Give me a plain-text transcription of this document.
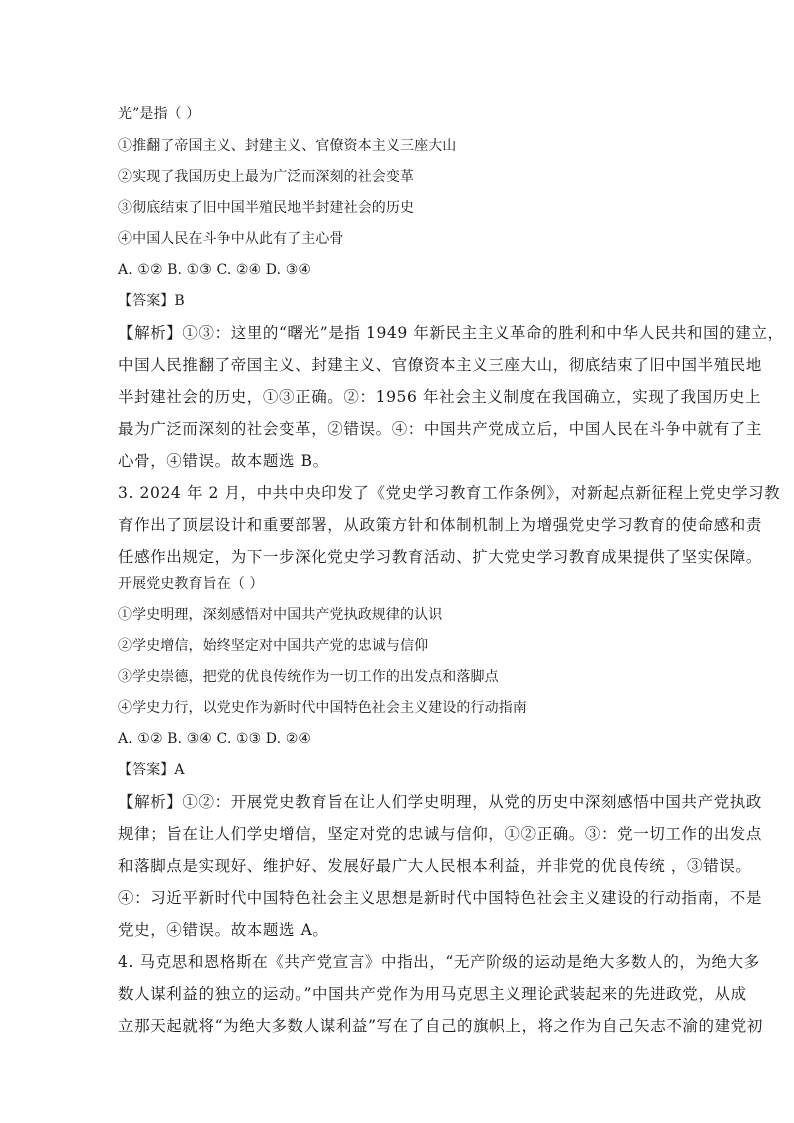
光”是指（ ）
①推翻了帝国主义、封建主义、官僚资本主义三座大山
②实现了我国历史上最为广泛而深刻的社会变革
③彻底结束了旧中国半殖民地半封建社会的历史
④中国人民在斗争中从此有了主心骨
A. ①② B. ①③ C. ②④ D. ③④
【答案】B
【解析】①③：这里的“曙光”是指 1949 年新民主主义革命的胜利和中华人民共和国的建立，
中国人民推翻了帝国主义、封建主义、官僚资本主义三座大山，彻底结束了旧中国半殖民地
半封建社会的历史，①③正确。②：1956 年社会主义制度在我国确立，实现了我国历史上
最为广泛而深刻的社会变革，②错误。④：中国共产党成立后，中国人民在斗争中就有了主
心骨，④错误。故本题选 B。
3. 2024 年 2 月，中共中央印发了《党史学习教育工作条例》，对新起点新征程上党史学习教
育作出了顶层设计和重要部署，从政策方针和体制机制上为增强党史学习教育的使命感和责
任感作出规定，为下一步深化党史学习教育活动、扩大党史学习教育成果提供了坚实保障。
开展党史教育旨在（ ）
①学史明理，深刻感悟对中国共产党执政规律的认识
②学史增信，始终坚定对中国共产党的忠诚与信仰
③学史崇德，把党的优良传统作为一切工作的出发点和落脚点
④学史力行，以党史作为新时代中国特色社会主义建设的行动指南
A. ①② B. ③④ C. ①③ D. ②④
【答案】A
【解析】①②：开展党史教育旨在让人们学史明理，从党的历史中深刻感悟中国共产党执政
规律；旨在让人们学史增信，坚定对党的忠诚与信仰，①②正确。③：党一切工作的出发点
和落脚点是实现好、维护好、发展好最广大人民根本利益，并非党的优良传统 ，③错误。
④：习近平新时代中国特色社会主义思想是新时代中国特色社会主义建设的行动指南，不是
党史，④错误。故本题选 A。
4. 马克思和恩格斯在《共产党宣言》中指出，“无产阶级的运动是绝大多数人的，为绝大多
数人谋利益的独立的运动。”中国共产党作为用马克思主义理论武装起来的先进政党，从成
立那天起就将“为绝大多数人谋利益”写在了自己的旗帜上，将之作为自己矢志不渝的建党初
